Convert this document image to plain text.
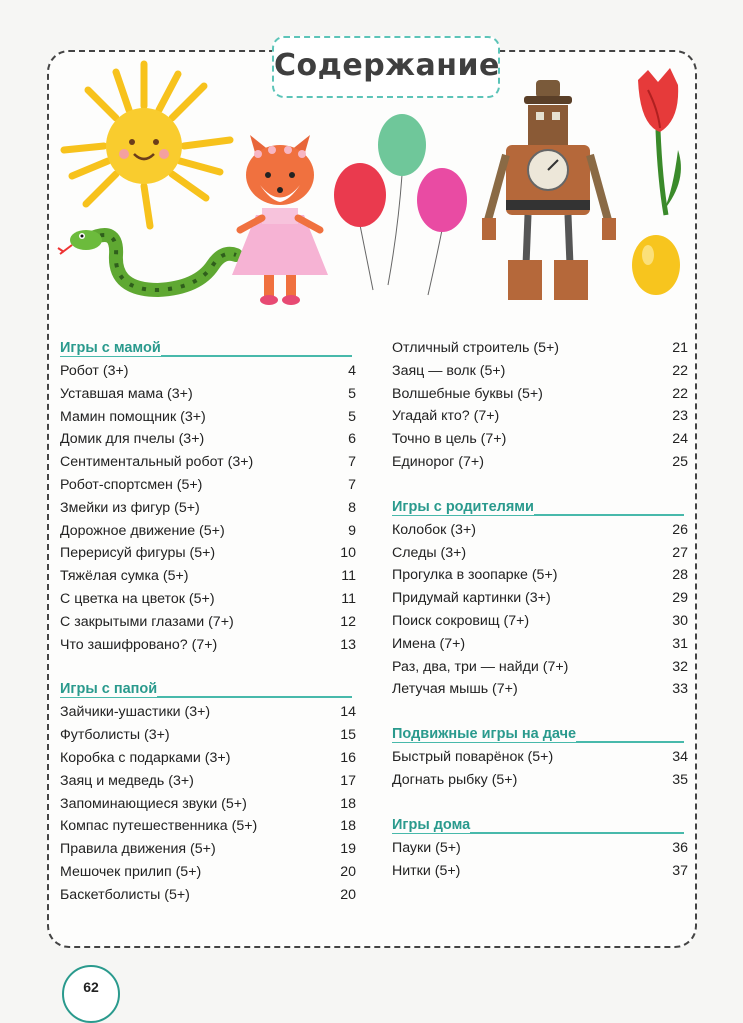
Содержание
Игры с мамой
Робот (3+)	4
Уставшая мама (3+)	5
Мамин помощник (3+)	5
Домик для пчелы (3+)	6
Сентиментальный робот (3+)	7
Робот-спортсмен (5+)	7
Змейки из фигур (5+)	8
Дорожное движение (5+)	9
Перерисуй фигуры (5+)	10
Тяжёлая сумка (5+)	11
С цветка на цветок (5+)	11
С закрытыми глазами (7+)	12
Что зашифровано? (7+)	13
Игры с папой
Зайчики-ушастики (3+)	14
Футболисты (3+)	15
Коробка с подарками (3+)	16
Заяц и медведь (3+)	17
Запоминающиеся звуки (5+)	18
Компас путешественника (5+)	18
Правила движения (5+)	19
Мешочек прилип (5+)	20
Баскетболисты (5+)	20
Отличный строитель (5+)	21
Заяц — волк (5+)	22
Волшебные буквы (5+)	22
Угадай кто? (7+)	23
Точно в цель (7+)	24
Единорог (7+)	25
Игры с родителями
Колобок (3+)	26
Следы (3+)	27
Прогулка в зоопарке (5+)	28
Придумай картинки (3+)	29
Поиск сокровищ (7+)	30
Имена (7+)	31
Раз, два, три — найди (7+)	32
Летучая мышь (7+)	33
Подвижные игры на даче
Быстрый поварёнок (5+)	34
Догнать рыбку (5+)	35
Игры дома
Пауки (5+)	36
Нитки (5+)	37
62
